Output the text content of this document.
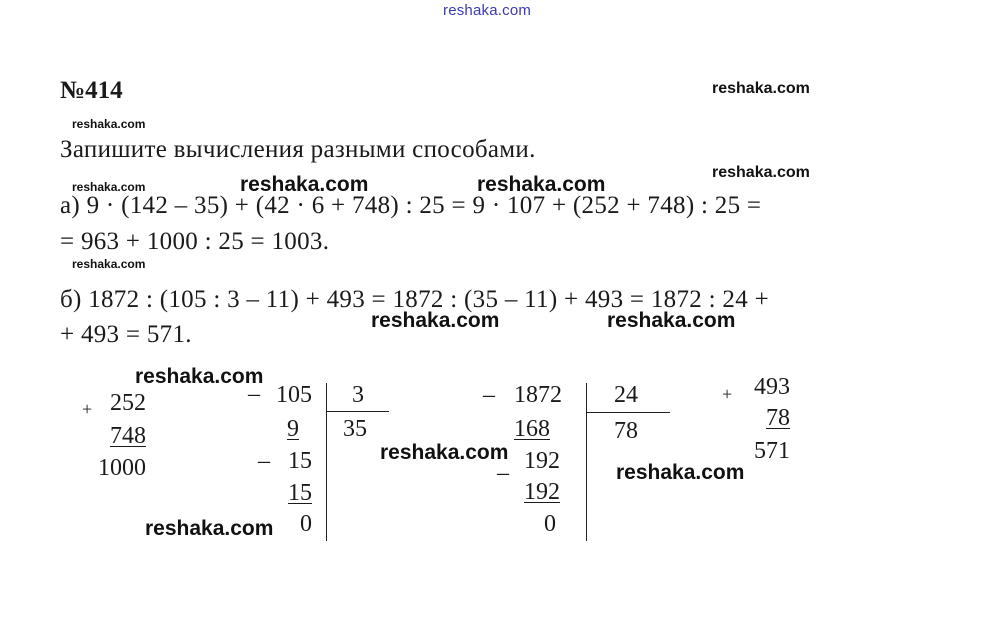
reshaka.com
№414	reshaka.com
reshaka.com
Запишите вычисления разными способами.
reshaka.com
reshaka.com	reshaka.com	reshaka.com
а) 9 · (142 – 35) + (42 · 6 + 748) : 25 = 9 · 107 + (252 + 748) : 25 =
= 963 + 1000 : 25 = 1003.
reshaka.com
б) 1872 : (105 : 3 – 11) + 493 = 1872 : (35 – 11) + 493 = 1872 : 24 +
reshaka.com	reshaka.com
+ 493 = 571.
reshaka.com
+ 252
748
1000
– 105
9
– 15
15
0
3
35
reshaka.com
– 1872
168
– 192
192
0
24
78
reshaka.com
+ 493
78
571
reshaka.com
